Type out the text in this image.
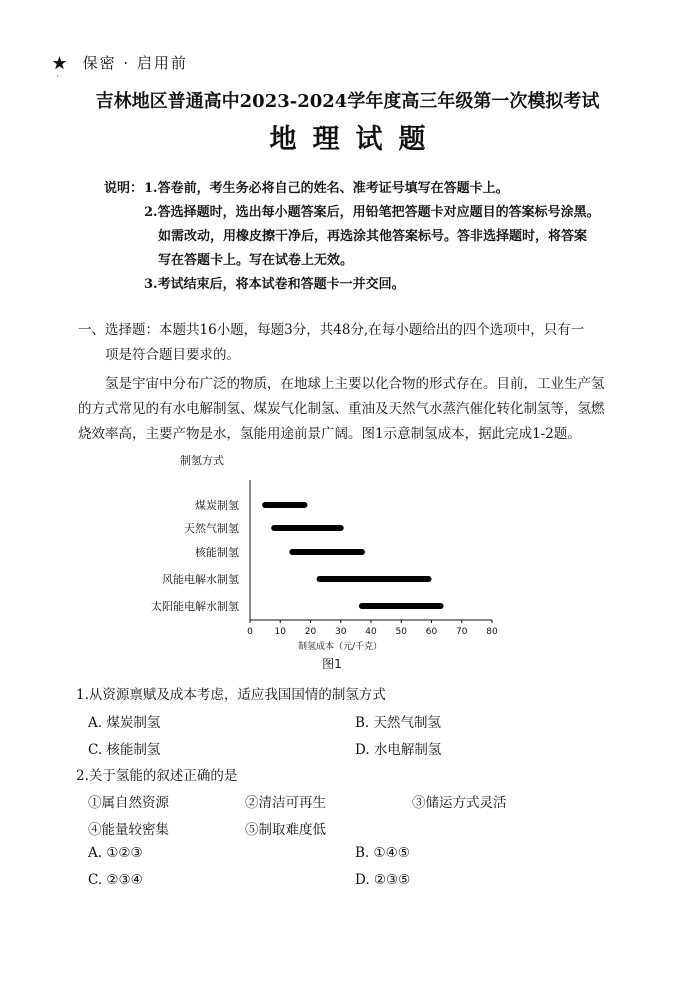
★ 保密 · 启用前
·
吉林地区普通高中2023-2024学年度高三年级第一次模拟考试
地理试题
说明： 1.答卷前，考生务必将自己的姓名、准考证号填写在答题卡上。
2.答选择题时，选出每小题答案后，用铅笔把答题卡对应题目的答案标号涂黑。
如需改动，用橡皮擦干净后，再选涂其他答案标号。答非选择题时，将答案
写在答题卡上。写在试卷上无效。
3.考试结束后，将本试卷和答题卡一并交回。
一、选择题：本题共16小题，每题3分，共48分,在每小题给出的四个选项中，只有一
项是符合题目要求的。
氢是宇宙中分布广泛的物质，在地球上主要以化合物的形式存在。目前，工业生产氢
的方式常见的有水电解制氢、煤炭气化制氢、重油及天然气水蒸汽催化转化制氢等，氢燃
烧效率高，主要产物是水，氢能用途前景广阔。图1示意制氢成本，据此完成1-2题。
制氢方式
0 10 20 30 40 50 60 70 80
煤炭制氢
天然气制氢
核能制氢
风能电解水制氢
太阳能电解水制氢
制氢成本（元/千克）
图1
1.从资源禀赋及成本考虑，适应我国国情的制氢方式
A. 煤炭制氢	B. 天然气制氢
C. 核能制氢	D. 水电解制氢
2.关于氢能的叙述正确的是
①属自然资源	②清洁可再生	③储运方式灵活
④能量较密集	⑤制取难度低
A. ①②③	B. ①④⑤
C. ②③④	D. ②③⑤
